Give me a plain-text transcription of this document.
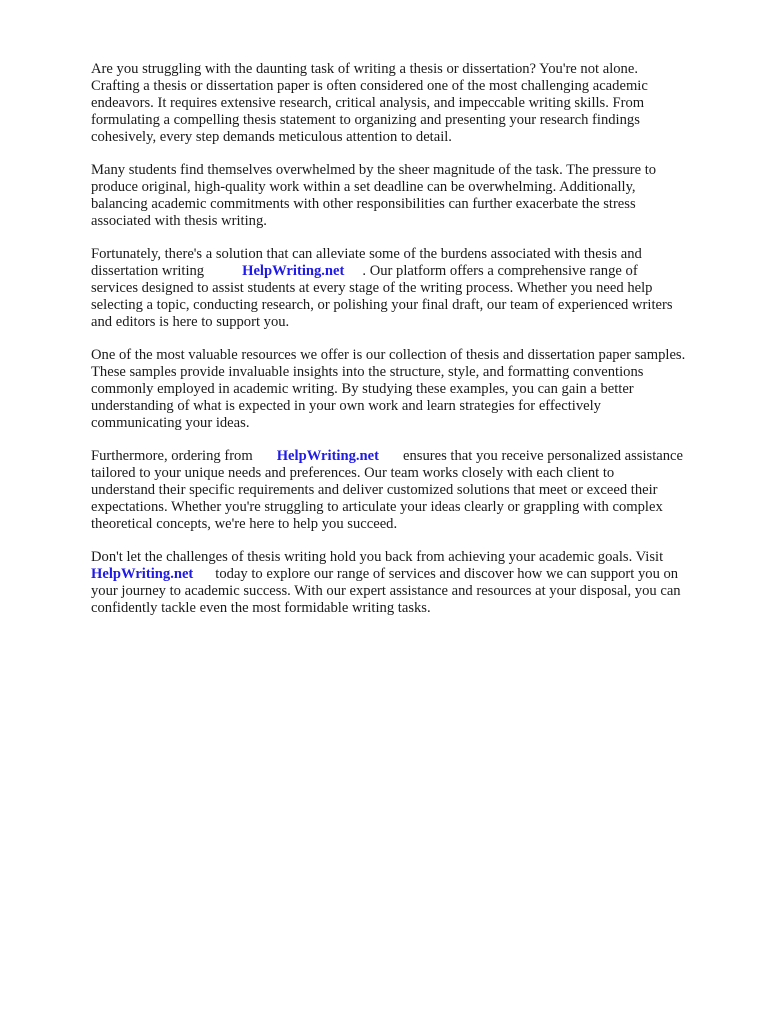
Are you struggling with the daunting task of writing a thesis or dissertation? You're not alone.
Crafting a thesis or dissertation paper is often considered one of the most challenging academic
endeavors. It requires extensive research, critical analysis, and impeccable writing skills. From
formulating a compelling thesis statement to organizing and presenting your research findings
cohesively, every step demands meticulous attention to detail.

Many students find themselves overwhelmed by the sheer magnitude of the task. The pressure to
produce original, high-quality work within a set deadline can be overwhelming. Additionally,
balancing academic commitments with other responsibilities can further exacerbate the stress
associated with thesis writing.

Fortunately, there's a solution that can alleviate some of the burdens associated with thesis and
dissertation writing	HelpWriting.net . Our platform offers a comprehensive range of
services designed to assist students at every stage of the writing process. Whether you need help
selecting a topic, conducting research, or polishing your final draft, our team of experienced writers
and editors is here to support you.

One of the most valuable resources we offer is our collection of thesis and dissertation paper samples.
These samples provide invaluable insights into the structure, style, and formatting conventions
commonly employed in academic writing. By studying these examples, you can gain a better
understanding of what is expected in your own work and learn strategies for effectively
communicating your ideas.

Furthermore, ordering from HelpWriting.net ensures that you receive personalized assistance
tailored to your unique needs and preferences. Our team works closely with each client to
understand their specific requirements and deliver customized solutions that meet or exceed their
expectations. Whether you're struggling to articulate your ideas clearly or grappling with complex
theoretical concepts, we're here to help you succeed.

Don't let the challenges of thesis writing hold you back from achieving your academic goals. Visit
HelpWriting.net today to explore our range of services and discover how we can support you on
your journey to academic success. With our expert assistance and resources at your disposal, you can
confidently tackle even the most formidable writing tasks.
